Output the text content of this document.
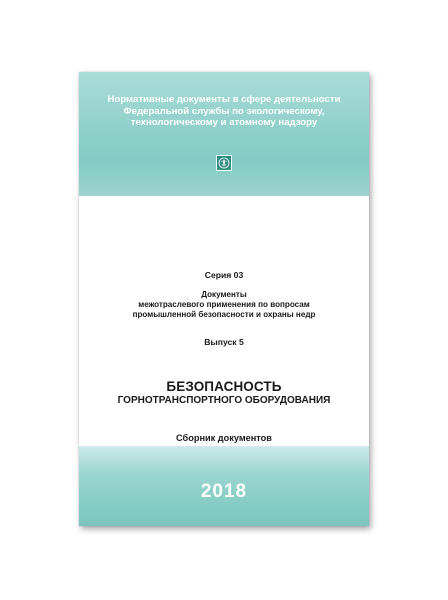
Нормативные документы в сфере деятельности
Федеральной службы по экологическому,
технологическому и атомному надзору
Серия 03
Документы
межотраслевого применения по вопросам
промышленной безопасности и охраны недр
Выпуск 5
БЕЗОПАСНОСТЬ
ГОРНОТРАНСПОРТНОГО ОБОРУДОВАНИЯ
Сборник документов
2018
